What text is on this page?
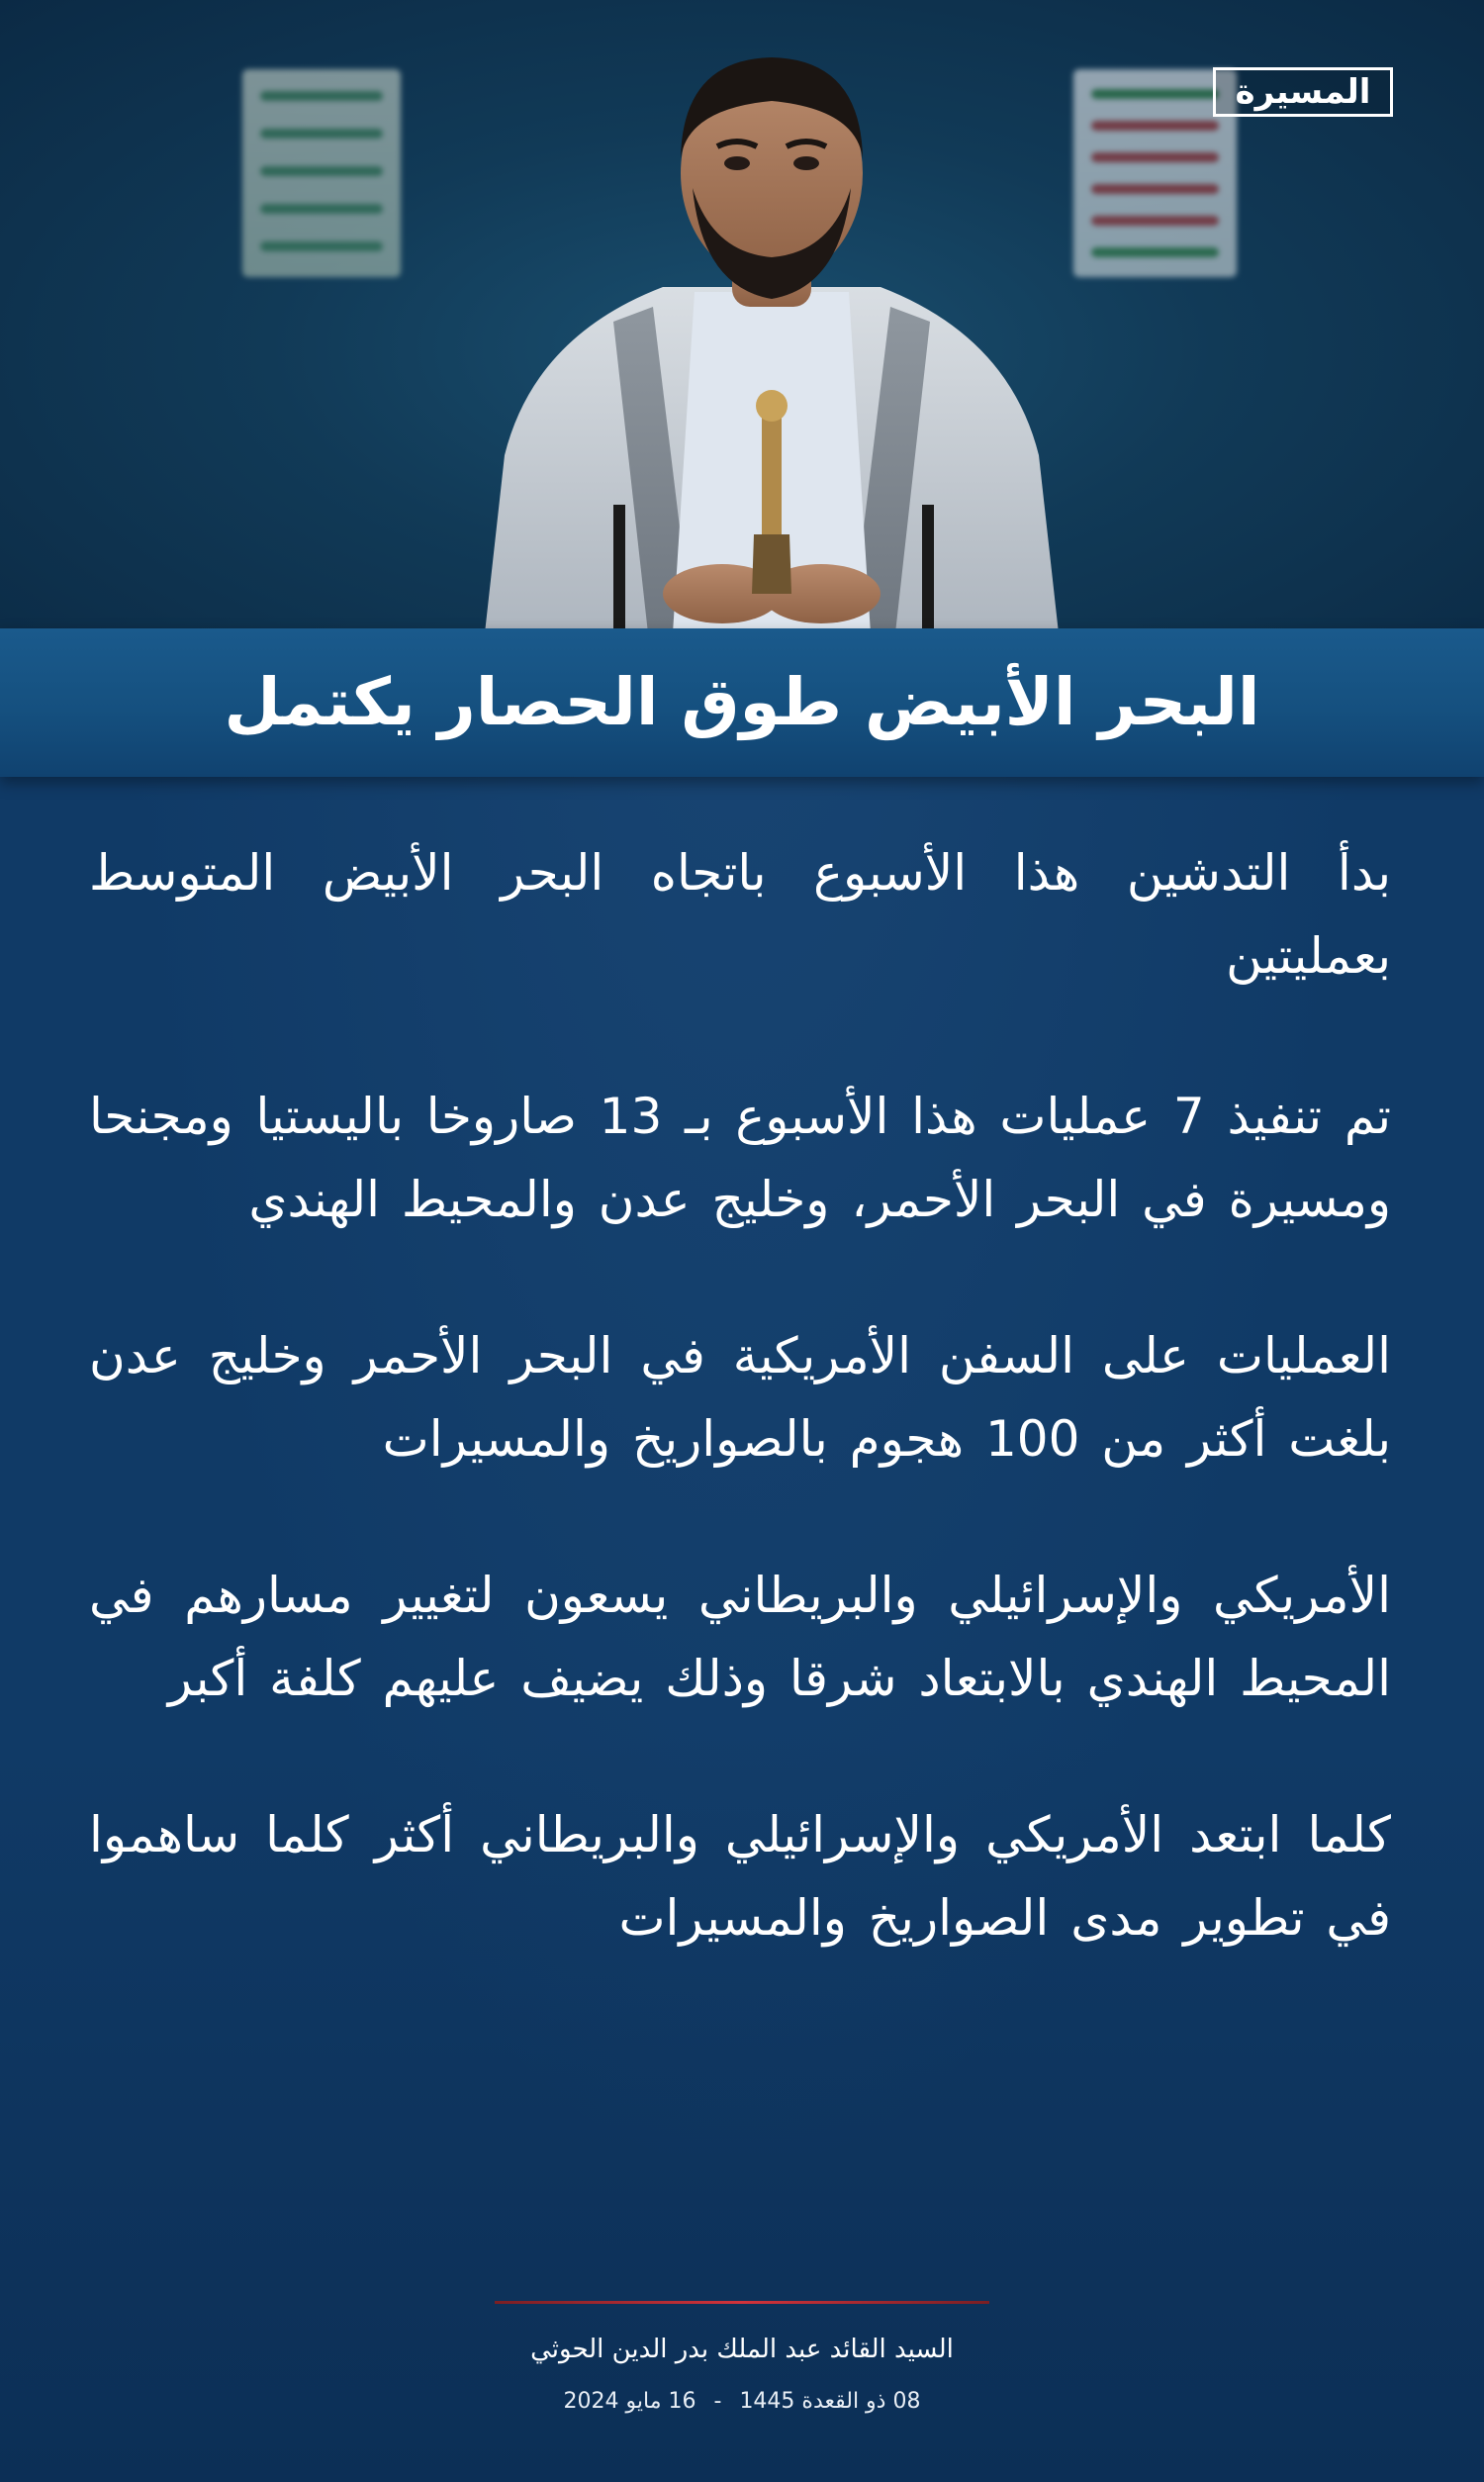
المسيرة
البحر الأبيض طوق الحصار يكتمل

بدأ التدشين هذا الأسبوع باتجاه البحر الأبيض المتوسط بعمليتين

تم تنفيذ 7 عمليات هذا الأسبوع بـ 13 صاروخا باليستيا ومجنحا ومسيرة في البحر الأحمر، وخليج عدن والمحيط الهندي

العمليات على السفن الأمريكية في البحر الأحمر وخليج عدن بلغت أكثر من 100 هجوم بالصواريخ والمسيرات

الأمريكي والإسرائيلي والبريطاني يسعون لتغيير مسارهم في المحيط الهندي بالابتعاد شرقا وذلك يضيف عليهم كلفة أكبر

كلما ابتعد الأمريكي والإسرائيلي والبريطاني أكثر كلما ساهموا في تطوير مدى الصواريخ والمسيرات

السيد القائد عبد الملك بدر الدين الحوثي

08 ذو القعدة 1445-16 مايو 2024
